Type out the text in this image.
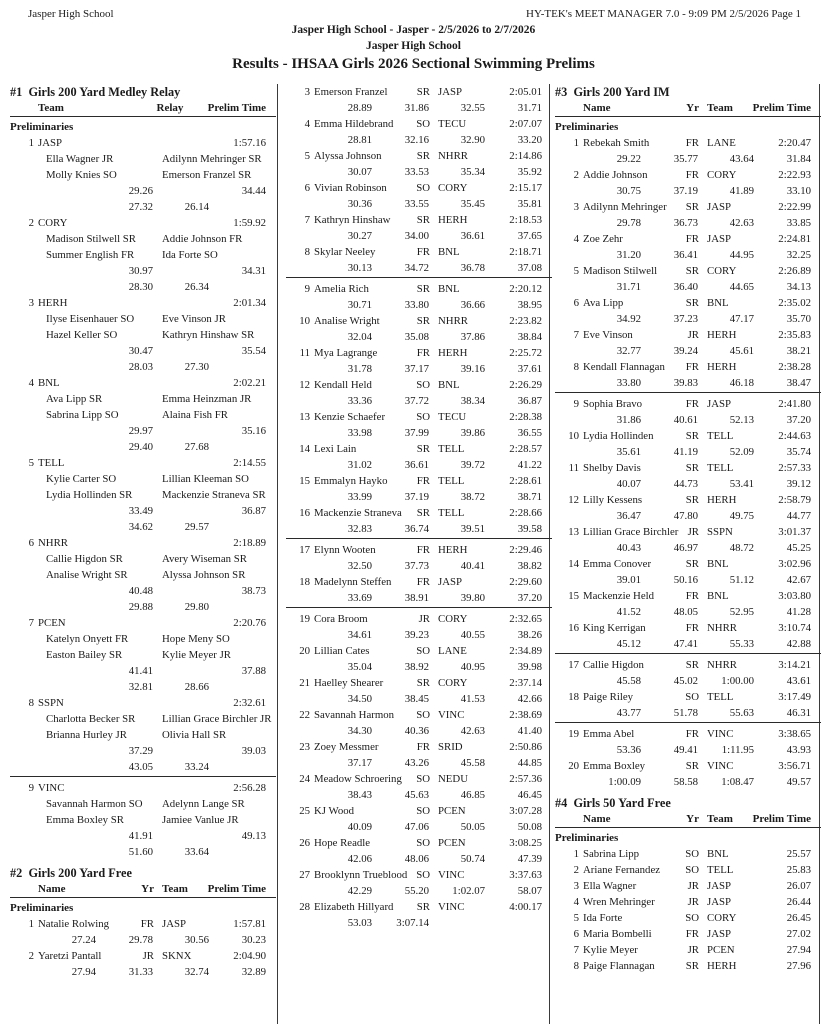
Jasper High School	HY-TEK's MEET MANAGER 7.0 - 9:09 PM 2/5/2026 Page 1
Jasper High School - Jasper - 2/5/2026 to 2/7/2026
Jasper High School
Results - IHSAA Girls 2026 Sectional Swimming Prelims
#1  Girls 200 Yard Medley Relay
Team	Relay	Prelim Time
Preliminaries
1 JASP	1:57.16
Ella Wagner JR	Adilynn Mehringer SR
Molly Knies SO	Emerson Franzel SR
29.26	34.44
27.32	26.14
2 CORY	1:59.92
Madison Stilwell SR Addie Johnson FR
Summer English FR	Ida Forte SO
30.97	34.31
28.30	26.34
3 HERH	2:01.34
Ilyse Eisenhauer SO	Eve Vinson JR
Hazel Keller SO	Kathryn Hinshaw SR
30.47	35.54
28.03	27.30
4 BNL	2:02.21
Ava Lipp SR	Emma Heinzman JR
Sabrina Lipp SO	Alaina Fish FR
29.97	35.16
29.40	27.68
5 TELL	2:14.55
Kylie Carter SO	Lillian Kleeman SO
Lydia Hollinden SR	Mackenzie Straneva SR
33.49	36.87
34.62	29.57
6 NHRR	2:18.89
Callie Higdon SR	Avery Wiseman SR
Analise Wright SR	Alyssa Johnson SR
40.48	38.73
29.88	29.80
7 PCEN	2:20.76
Katelyn Onyett FR	Hope Meny SO
Easton Bailey SR	Kylie Meyer JR
41.41	37.88
32.81	28.66
8 SSPN	2:32.61
Charlotta Becker SR Lillian Grace Birchler JR
Brianna Hurley JR	Olivia Hall SR
37.29	39.03
43.05	33.24
9 VINC	2:56.28
Savannah Harmon SO Adelynn Lange SR
Emma Boxley SR	Jamiee Vanlue JR
41.91	49.13
51.60	33.64
#2  Girls 200 Yard Free
Name	Yr Team Prelim Time
Preliminaries
1 Natalie Rolwing	FR JASP	1:57.81
27.24	29.78	30.56	30.23
2 Yaretzi Pantall	JR SKNX	2:04.90
27.94	31.33	32.74	32.89
3 Emerson Franzel	SR JASP	2:05.01
28.89	31.86	32.55	31.71
4 Emma Hildebrand	SO TECU	2:07.07
28.81	32.16	32.90	33.20
5 Alyssa Johnson	SR NHRR	2:14.86
30.07	33.53	35.34	35.92
6 Vivian Robinson	SO CORY	2:15.17
30.36	33.55	35.45	35.81
7 Kathryn Hinshaw	SR HERH	2:18.53
30.27	34.00	36.61	37.65
8 Skylar Neeley	FR BNL	2:18.71
30.13	34.72	36.78	37.08
9 Amelia Rich	SR BNL	2:20.12
30.71	33.80	36.66	38.95
10 Analise Wright	SR NHRR	2:23.82
32.04	35.08	37.86	38.84
11 Mya Lagrange	FR HERH	2:25.72
31.78	37.17	39.16	37.61
12 Kendall Held	SO BNL	2:26.29
33.36	37.72	38.34	36.87
13 Kenzie Schaefer	SO TECU	2:28.38
33.98	37.99	39.86	36.55
14 Lexi Lain	SR TELL	2:28.57
31.02	36.61	39.72	41.22
15 Emmalyn Hayko	FR TELL	2:28.61
33.99	37.19	38.72	38.71
16 Mackenzie Straneva	SR TELL	2:28.66
32.83	36.74	39.51	39.58
17 Elynn Wooten	FR HERH	2:29.46
32.50	37.73	40.41	38.82
18 Madelynn Steffen	FR JASP	2:29.60
33.69	38.91	39.80	37.20
19 Cora Broom	JR CORY	2:32.65
34.61	39.23	40.55	38.26
20 Lillian Cates	SO LANE	2:34.89
35.04	38.92	40.95	39.98
21 Haelley Shearer	SR CORY	2:37.14
34.50	38.45	41.53	42.66
22 Savannah Harmon	SO VINC	2:38.69
34.30	40.36	42.63	41.40
23 Zoey Messmer	FR SRID	2:50.86
37.17	43.26	45.58	44.85
24 Meadow Schroering	SO NEDU	2:57.36
38.43	45.63	46.85	46.45
25 KJ Wood	SO PCEN	3:07.28
40.09	47.06	50.05	50.08
26 Hope Readle	SO PCEN	3:08.25
42.06	48.06	50.74	47.39
27 Brooklynn Trueblood SO VINC	3:37.63
42.29	55.20	1:02.07	58.07
28 Elizabeth Hillyard	SR VINC	4:00.17
53.03	3:07.14
#3  Girls 200 Yard IM
Name	Yr Team Prelim Time
Preliminaries
1 Rebekah Smith	FR LANE	2:20.47
29.22	35.77	43.64	31.84
2 Addie Johnson	FR CORY	2:22.93
30.75	37.19	41.89	33.10
3 Adilynn Mehringer	SR JASP	2:22.99
29.78	36.73	42.63	33.85
4 Zoe Zehr	FR JASP	2:24.81
31.20	36.41	44.95	32.25
5 Madison Stilwell	SR CORY	2:26.89
31.71	36.40	44.65	34.13
6 Ava Lipp	SR BNL	2:35.02
34.92	37.23	47.17	35.70
7 Eve Vinson	JR HERH	2:35.83
32.77	39.24	45.61	38.21
8 Kendall Flannagan	FR HERH	2:38.28
33.80	39.83	46.18	38.47
9 Sophia Bravo	FR JASP	2:41.80
31.86	40.61	52.13	37.20
10 Lydia Hollinden	SR TELL	2:44.63
35.61	41.19	52.09	35.74
11 Shelby Davis	SR TELL	2:57.33
40.07	44.73	53.41	39.12
12 Lilly Kessens	SR HERH	2:58.79
36.47	47.80	49.75	44.77
13 Lillian Grace Birchler JR SSPN	3:01.37
40.43	46.97	48.72	45.25
14 Emma Conover	SR BNL	3:02.96
39.01	50.16	51.12	42.67
15 Mackenzie Held	FR BNL	3:03.80
41.52	48.05	52.95	41.28
16 King Kerrigan	FR NHRR	3:10.74
45.12	47.41	55.33	42.88
17 Callie Higdon	SR NHRR	3:14.21
45.58	45.02	1:00.00	43.61
18 Paige Riley	SO TELL	3:17.49
43.77	51.78	55.63	46.31
19 Emma Abel	FR VINC	3:38.65
53.36	49.41	1:11.95	43.93
20 Emma Boxley	SR VINC	3:56.71
1:00.09	58.58	1:08.47	49.57
#4  Girls 50 Yard Free
Name	Yr Team Prelim Time
Preliminaries
1 Sabrina Lipp	SO BNL	25.57
2 Ariane Fernandez	SO TELL	25.83
3 Ella Wagner	JR JASP	26.07
4 Wren Mehringer	JR JASP	26.44
5 Ida Forte	SO CORY	26.45
6 Maria Bombelli	FR JASP	27.02
7 Kylie Meyer	JR PCEN	27.94
8 Paige Flannagan	SR HERH	27.96
